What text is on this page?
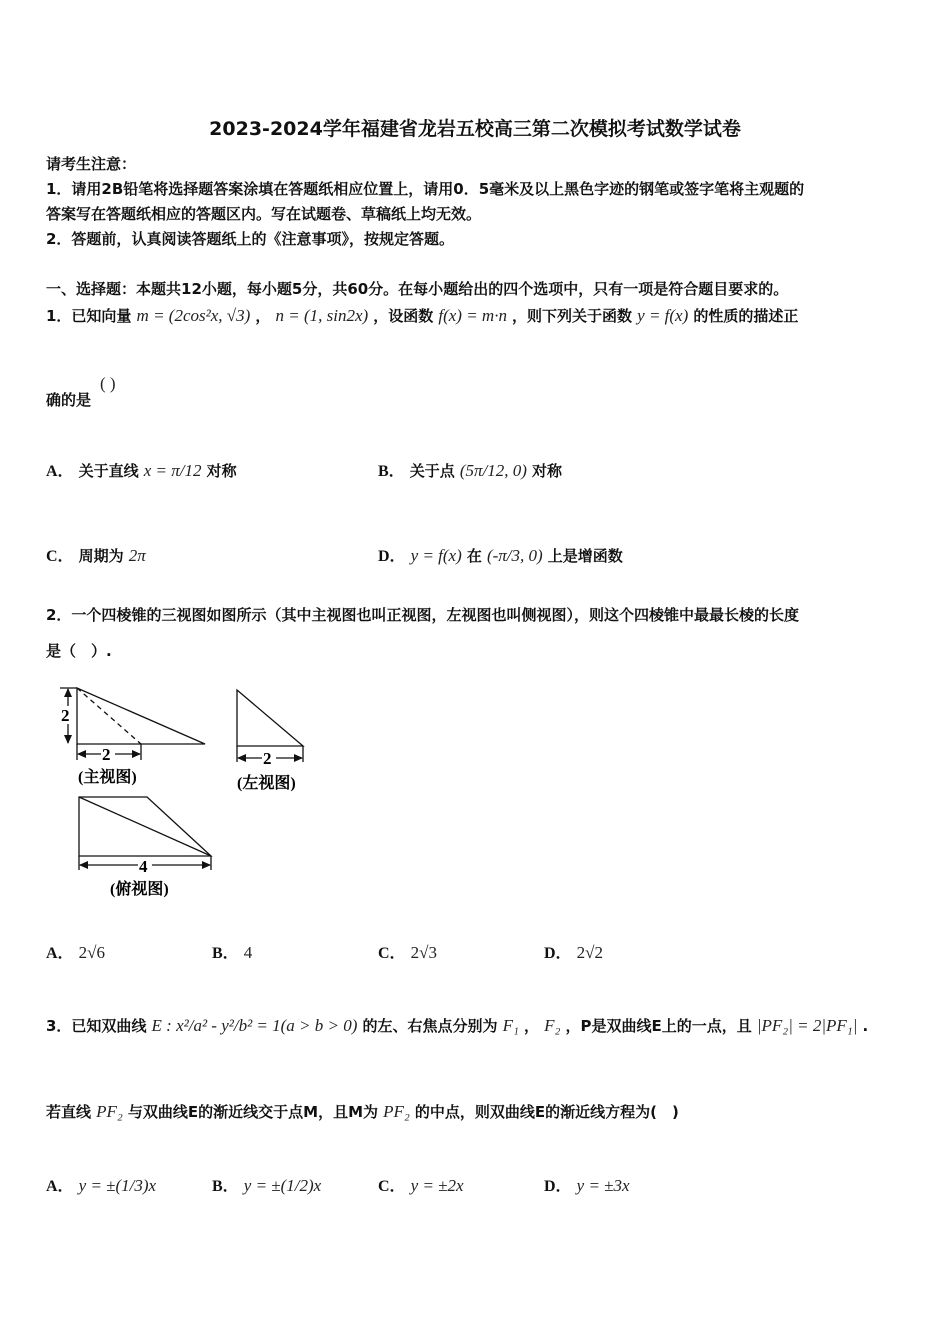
2023-2024学年福建省龙岩五校高三第二次模拟考试数学试卷
请考生注意：
1．请用2B铅笔将选择题答案涂填在答题纸相应位置上，请用0．5毫米及以上黑色字迹的钢笔或签字笔将主观题的
答案写在答题纸相应的答题区内。写在试题卷、草稿纸上均无效。
2．答题前，认真阅读答题纸上的《注意事项》，按规定答题。
一、选择题：本题共12小题，每小题5分，共60分。在每小题给出的四个选项中，只有一项是符合题目要求的。
1．已知向量 m = (2cos²x, √3) ， n = (1, sin2x) ，设函数 f(x) = m·n ，则下列关于函数 y = f(x) 的性质的描述正
确的是
( )
A． 关于直线 x = π/12 对称	B． 关于点 (5π/12, 0) 对称
C． 周期为 2π	D． y = f(x) 在 (-π/3, 0) 上是增函数
2．一个四棱锥的三视图如图所示（其中主视图也叫正视图，左视图也叫侧视图），则这个四棱锥中最最长棱的长度
是（　）.
2
2
(主视图)
2
(左视图)
4
(俯视图)
A． 2√6	B． 4	C． 2√3	D． 2√2
3．已知双曲线 E : x²/a² - y²/b² = 1(a > b > 0) 的左、右焦点分别为 F₁ ， F₂ ，P是双曲线E上的一点，且 |PF₂| = 2|PF₁| .
若直线 PF₂ 与双曲线E的渐近线交于点M，且M为 PF₂ 的中点，则双曲线E的渐近线方程为(　)
A． y = ±(1/3)x	B． y = ±(1/2)x	C． y = ±2x	D． y = ±3x
